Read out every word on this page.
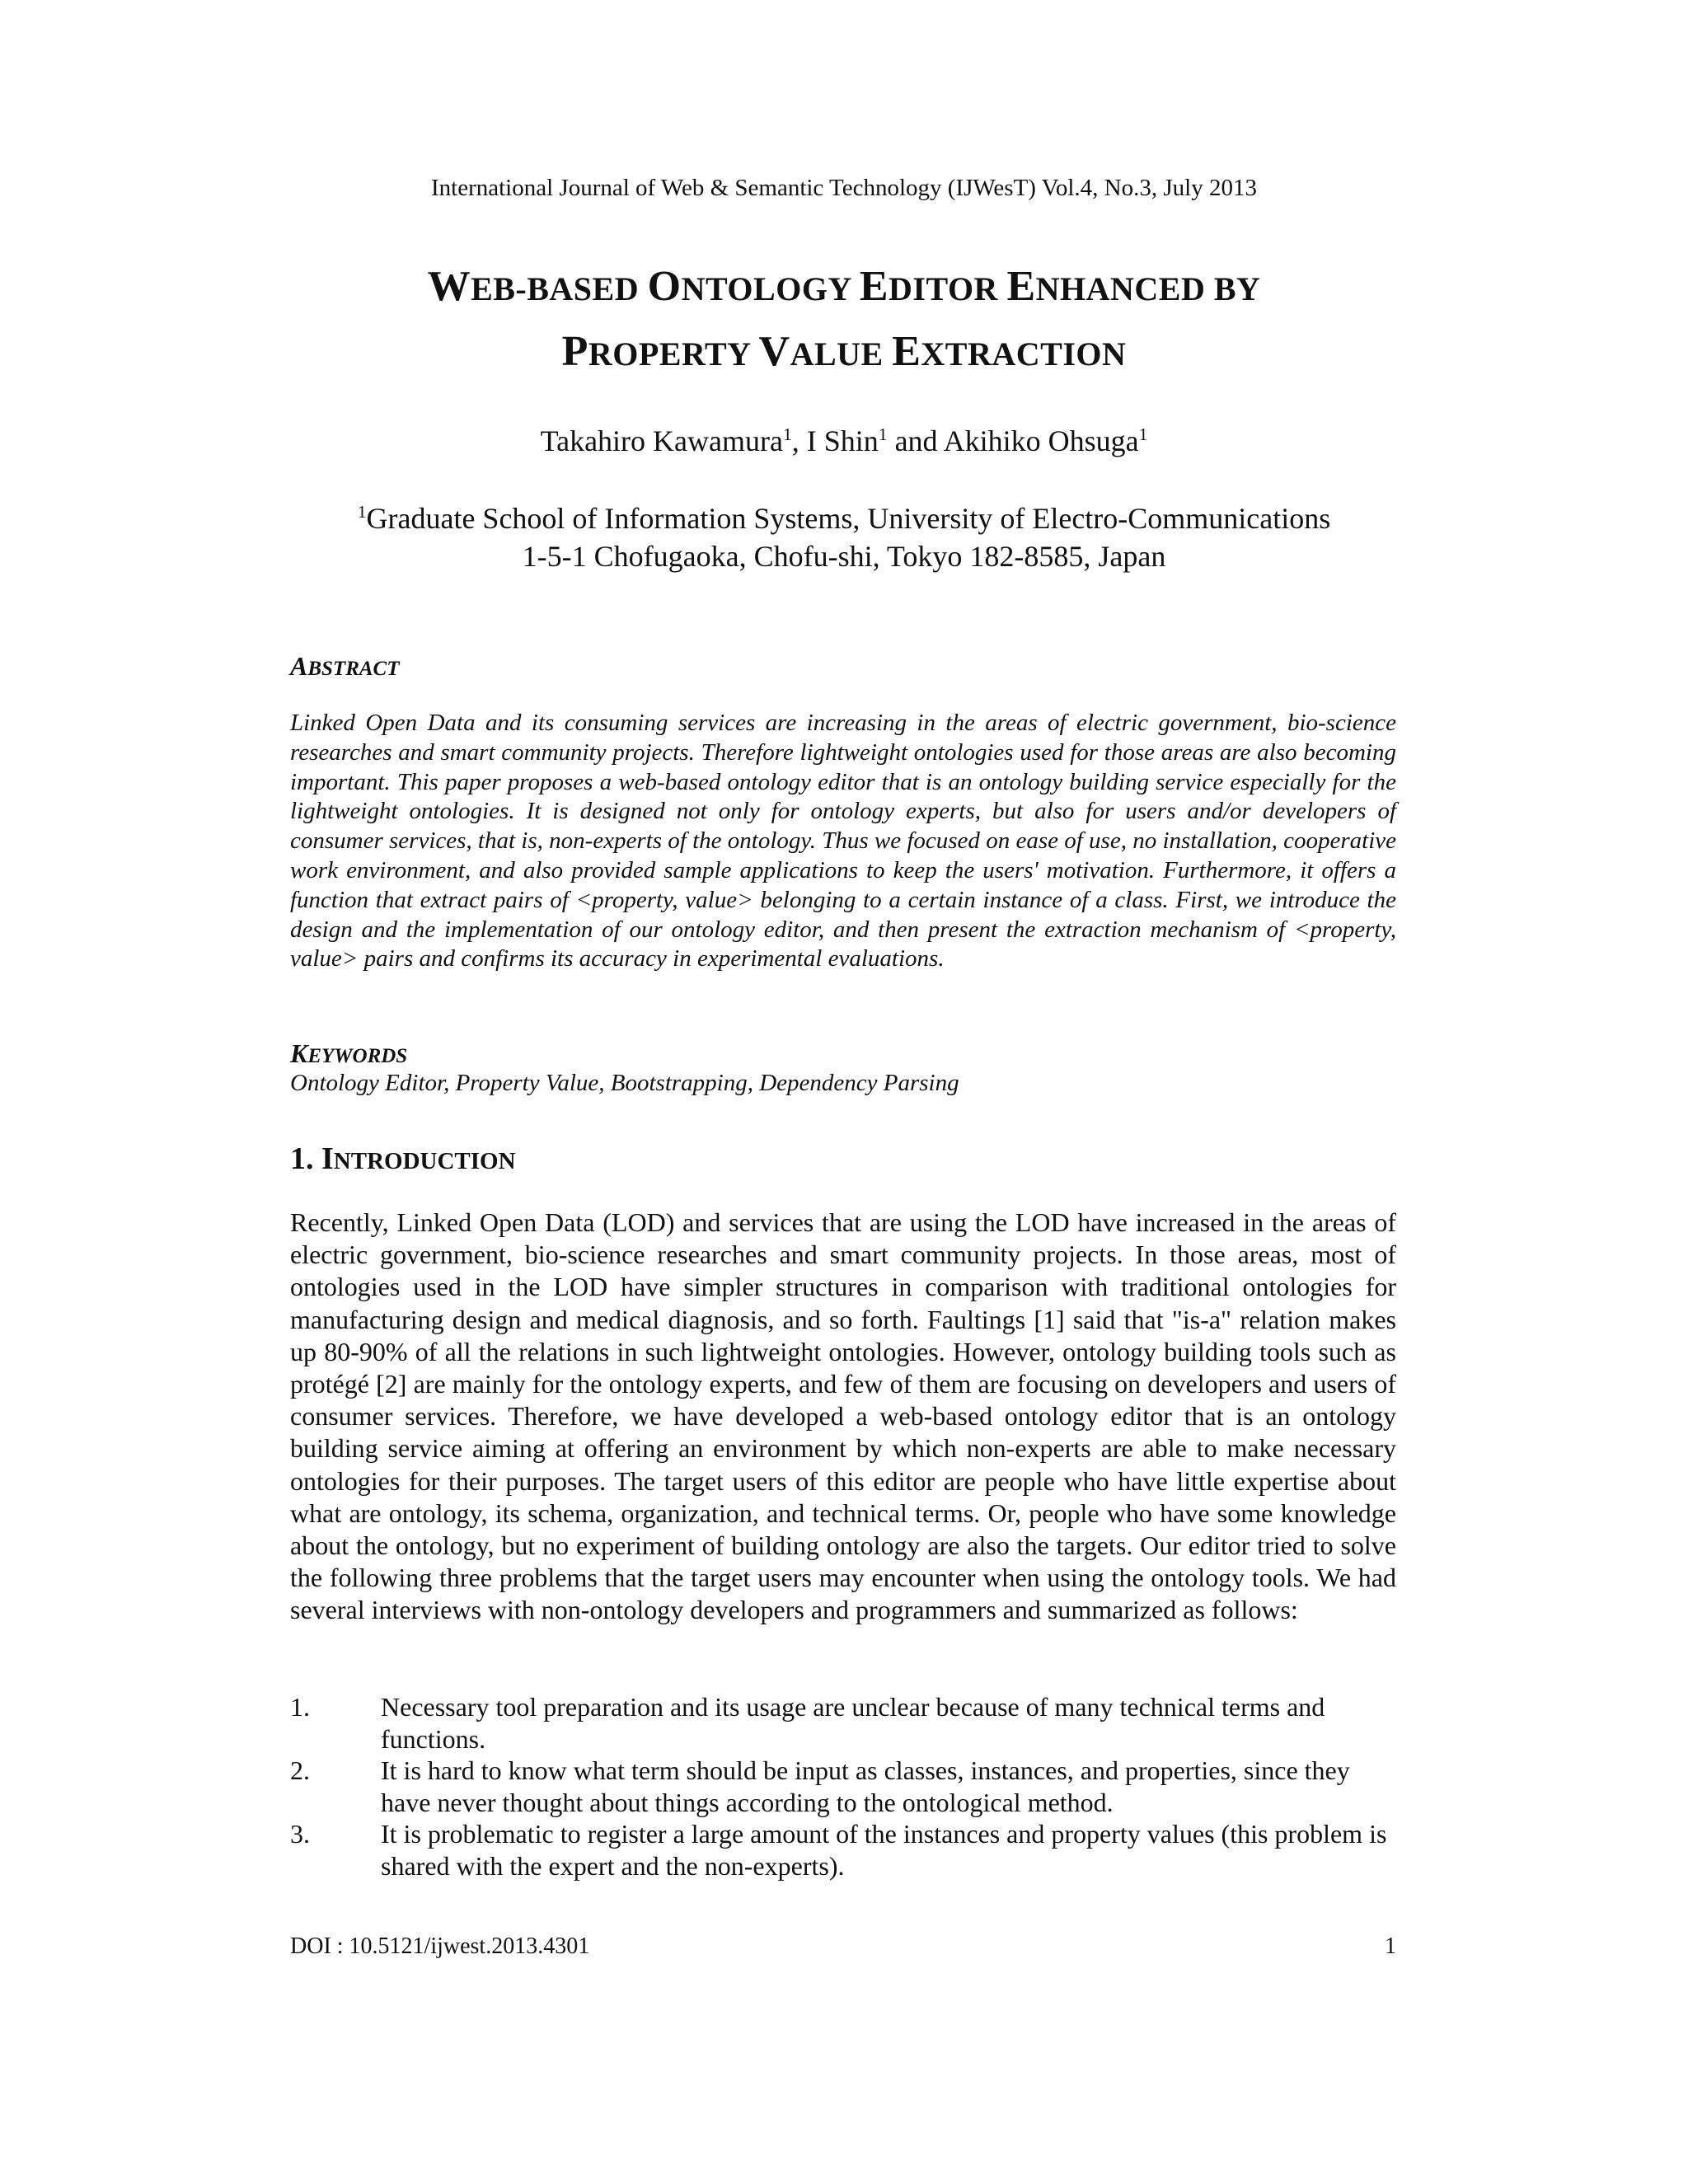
International Journal of Web & Semantic Technology (IJWesT) Vol.4, No.3, July 2013
WEB-BASED ONTOLOGY EDITOR ENHANCED BY
PROPERTY VALUE EXTRACTION
Takahiro Kawamura$^1$, I Shin$^1$ and Akihiko Ohsuga$^1$
$^1$Graduate School of Information Systems, University of Electro-Communications
1-5-1 Chofugaoka, Chofu-shi, Tokyo 182-8585, Japan
ABSTRACT
Linked Open Data and its consuming services are increasing in the areas of electric government, bio-science researches and smart community projects. Therefore lightweight ontologies used for those areas are also becoming important. This paper proposes a web-based ontology editor that is an ontology building service especially for the lightweight ontologies. It is designed not only for ontology experts, but also for users and/or developers of consumer services, that is, non-experts of the ontology. Thus we focused on ease of use, no installation, cooperative work environment, and also provided sample applications to keep the users' motivation. Furthermore, it offers a function that extract pairs of <property, value> belonging to a certain instance of a class. First, we introduce the design and the implementation of our ontology editor, and then present the extraction mechanism of <property, value> pairs and confirms its accuracy in experimental evaluations.
KEYWORDS
Ontology Editor, Property Value, Bootstrapping, Dependency Parsing
1. INTRODUCTION
Recently, Linked Open Data (LOD) and services that are using the LOD have increased in the areas of electric government, bio-science researches and smart community projects. In those areas, most of ontologies used in the LOD have simpler structures in comparison with traditional ontologies for manufacturing design and medical diagnosis, and so forth. Faultings [1] said that "is-a" relation makes up 80-90% of all the relations in such lightweight ontologies. However, ontology building tools such as protégé [2] are mainly for the ontology experts, and few of them are focusing on developers and users of consumer services. Therefore, we have developed a web-based ontology editor that is an ontology building service aiming at offering an environment by which non-experts are able to make necessary ontologies for their purposes. The target users of this editor are people who have little expertise about what are ontology, its schema, organization, and technical terms. Or, people who have some knowledge about the ontology, but no experiment of building ontology are also the targets. Our editor tried to solve the following three problems that the target users may encounter when using the ontology tools. We had several interviews with non-ontology developers and programmers and summarized as follows:
1.	Necessary tool preparation and its usage are unclear because of many technical terms and functions.
2.	It is hard to know what term should be input as classes, instances, and properties, since they have never thought about things according to the ontological method.
3.	It is problematic to register a large amount of the instances and property values (this problem is shared with the expert and the non-experts).
DOI : 10.5121/ijwest.2013.4301	1
